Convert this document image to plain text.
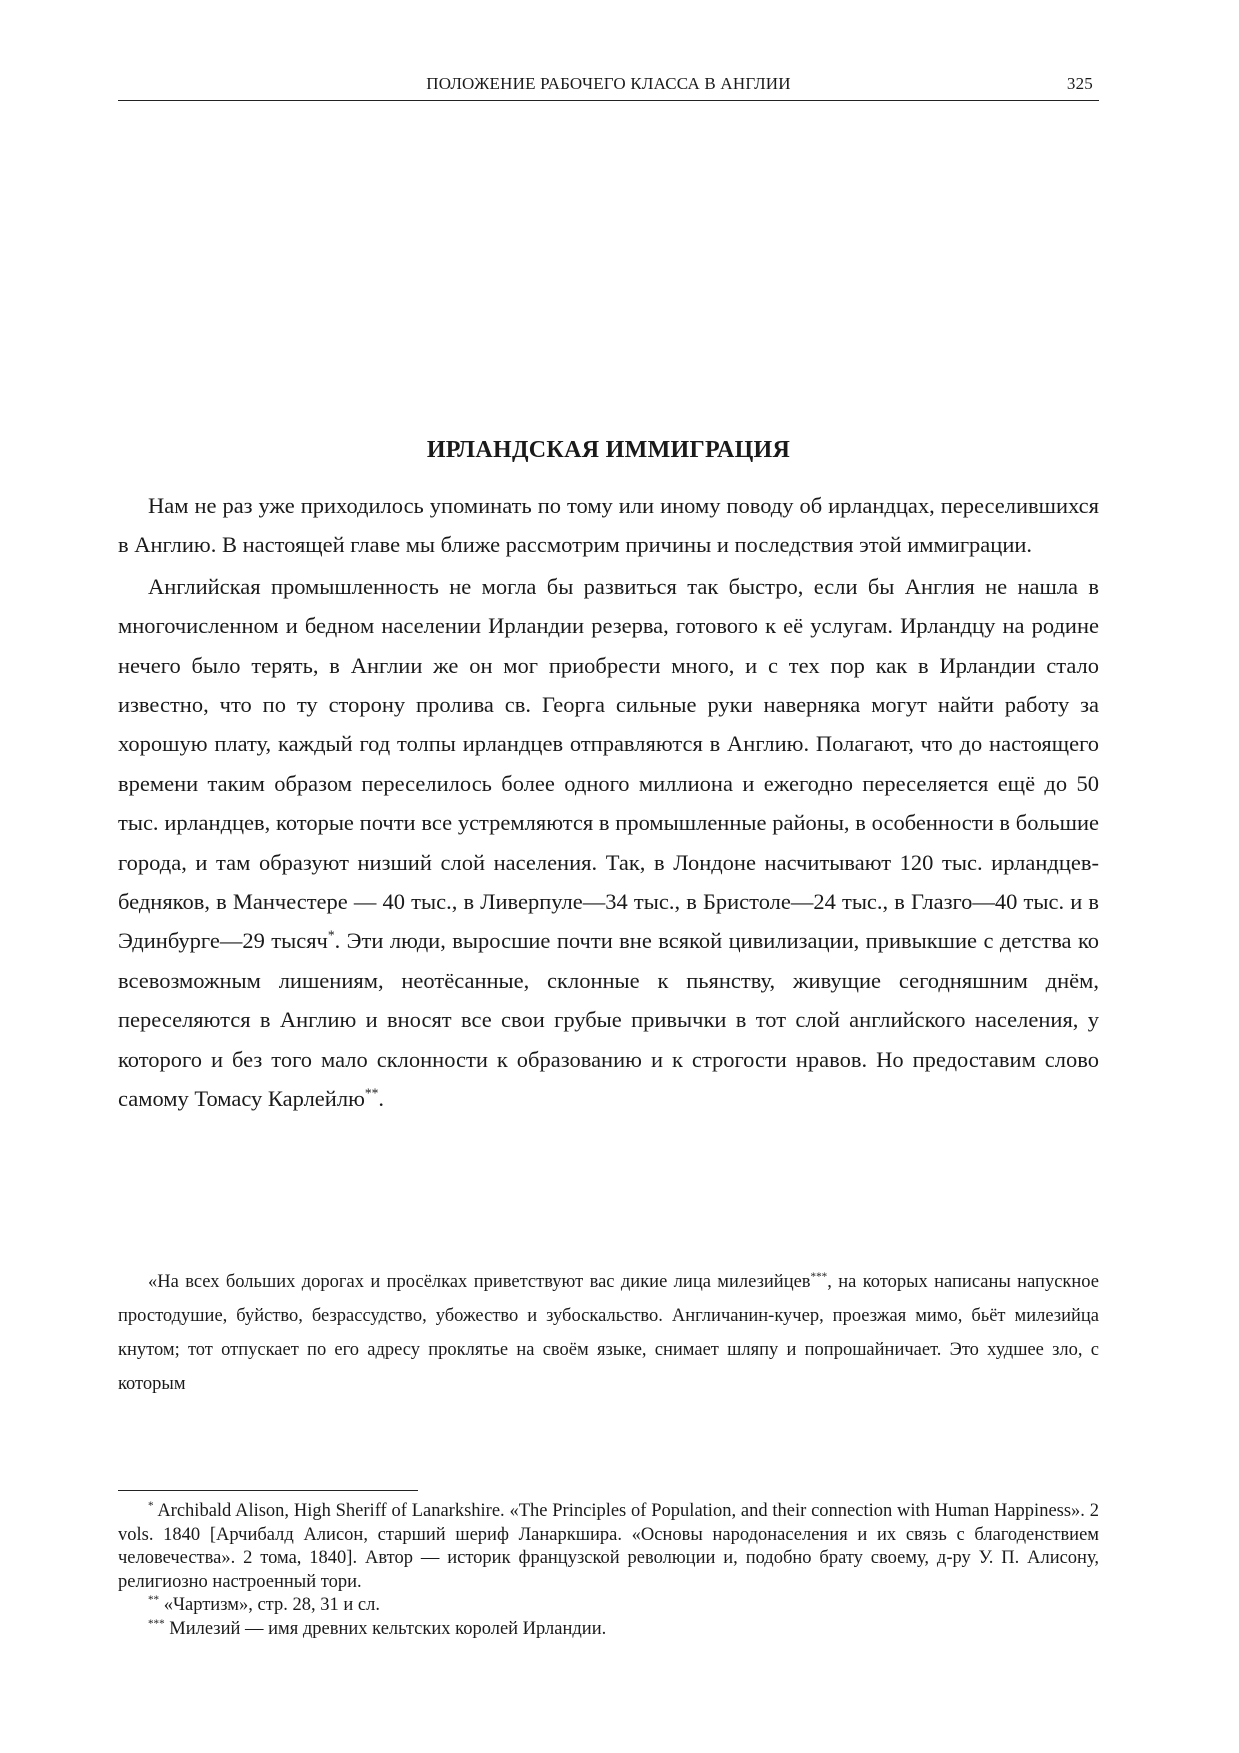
ПОЛОЖЕНИЕ РАБОЧЕГО КЛАССА В АНГЛИИ	325
ИРЛАНДСКАЯ ИММИГРАЦИЯ

Нам не раз уже приходилось упоминать по тому или иному поводу об ирландцах, переселившихся в Англию. В настоящей главе мы ближе рассмотрим причины и последствия этой иммиграции.

Английская промышленность не могла бы развиться так быстро, если бы Англия не нашла в многочисленном и бедном населении Ирландии резерва, готового к её услугам. Ирландцу на родине нечего было терять, в Англии же он мог приобрести много, и с тех пор как в Ирландии стало известно, что по ту сторону пролива св. Георга сильные руки наверняка могут найти работу за хорошую плату, каждый год толпы ирландцев отправляются в Англию. Полагают, что до настоящего времени таким образом переселилось более одного миллиона и ежегодно переселяется ещё до 50 тыс. ирландцев, которые почти все устремляются в промышленные районы, в особенности в большие города, и там образуют низший слой населения. Так, в Лондоне насчитывают 120 тыс. ирландцев-бедняков, в Манчестере — 40 тыс., в Ливерпуле—34 тыс., в Бристоле—24 тыс., в Глазго—40 тыс. и в Эдинбурге—29 тысяч*. Эти люди, выросшие почти вне всякой цивилизации, привыкшие с детства ко всевозможным лишениям, неотёсанные, склонные к пьянству, живущие сегодняшним днём, переселяются в Англию и вносят все свои грубые привычки в тот слой английского населения, у которого и без того мало склонности к образованию и к строгости нравов. Но предоставим слово самому Томасу Карлейлю**.

«На всех больших дорогах и просёлках приветствуют вас дикие лица милезийцев***, на которых написаны напускное простодушие, буйство, безрассудство, убожество и зубоскальство. Англичанин-кучер, проезжая мимо, бьёт милезийца кнутом; тот отпускает по его адресу проклятье на своём языке, снимает шляпу и попрошайничает. Это худшее зло, с которым

* Archibald Alison, High Sheriff of Lanarkshire. «The Principles of Population, and their connection with Human Happiness». 2 vols. 1840 [Арчибалд Алисон, старший шериф Ланаркшира. «Основы народонаселения и их связь с благоденствием человечества». 2 тома, 1840]. Автор — историк французской революции и, подобно брату своему, д-ру У. П. Алисону, религиозно настроенный тори.

** «Чартизм», стр. 28, 31 и сл.

*** Милезий — имя древних кельтских королей Ирландии.
